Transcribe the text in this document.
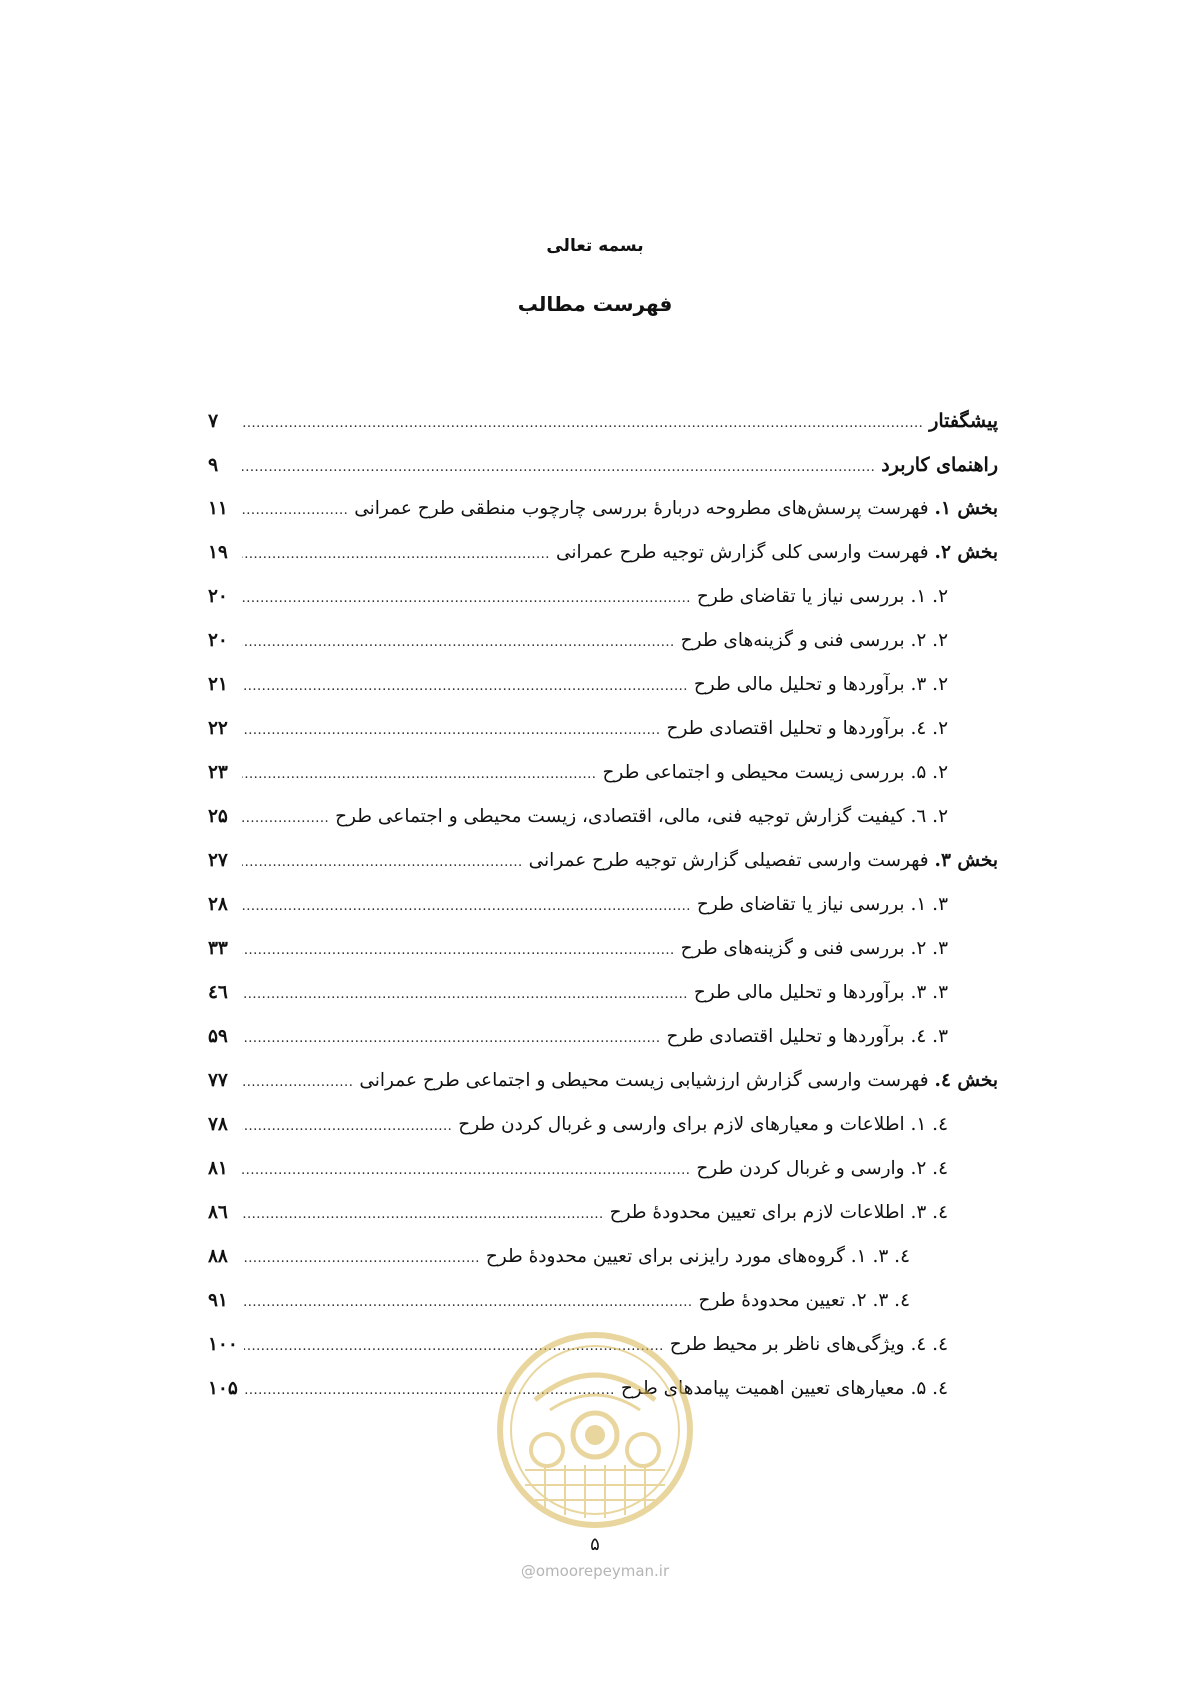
بسمه تعالی
فهرست مطالب
پیشگفتار
.....
۷
راهنمای کاربرد
.....
۹
بخش ۱. فهرست پرسش‌های مطروحه دربارهٔ بررسی چارچوب منطقی طرح عمرانی
.....
۱۱
بخش ۲. فهرست وارسی کلی گزارش توجیه طرح عمرانی
.....
۱۹
۲. ۱. بررسی نیاز یا تقاضای طرح
.....
۲۰
۲. ۲. بررسی فنی و گزینه‌های طرح
.....
۲۰
۲. ۳. برآوردها و تحلیل مالی طرح
.....
۲۱
۲. ٤. برآوردها و تحلیل اقتصادی طرح
.....
۲۲
۲. ۵. بررسی زیست محیطی و اجتماعی طرح
.....
۲۳
۲. ٦. کیفیت گزارش توجیه فنی، مالی، اقتصادی، زیست محیطی و اجتماعی طرح
.....
۲۵
بخش ۳. فهرست وارسی تفصیلی گزارش توجیه طرح عمرانی
.....
۲۷
۳. ۱. بررسی نیاز یا تقاضای طرح
.....
۲۸
۳. ۲. بررسی فنی و گزینه‌های طرح
.....
۳۳
۳. ۳. برآوردها و تحلیل مالی طرح
.....
٤٦
۳. ٤. برآوردها و تحلیل اقتصادی طرح
.....
۵۹
بخش ٤. فهرست وارسی گزارش ارزشیابی زیست محیطی و اجتماعی طرح عمرانی
.....
۷۷
٤. ۱. اطلاعات و معیارهای لازم برای وارسی و غربال کردن طرح
.....
۷۸
٤. ۲. وارسی و غربال کردن طرح
.....
۸۱
٤. ۳. اطلاعات لازم برای تعیین محدودهٔ طرح
.....
۸٦
٤. ۳. ۱. گروه‌های مورد رایزنی برای تعیین محدودهٔ طرح
.....
۸۸
٤. ۳. ۲. تعیین محدودهٔ طرح
.....
۹۱
٤. ٤. ویژگی‌های ناظر بر محیط طرح
.....
۱۰۰
٤. ۵. معیارهای تعیین اهمیت پیامدهای طرح
.....
۱۰۵
۵
@omoorepeyman.ir
